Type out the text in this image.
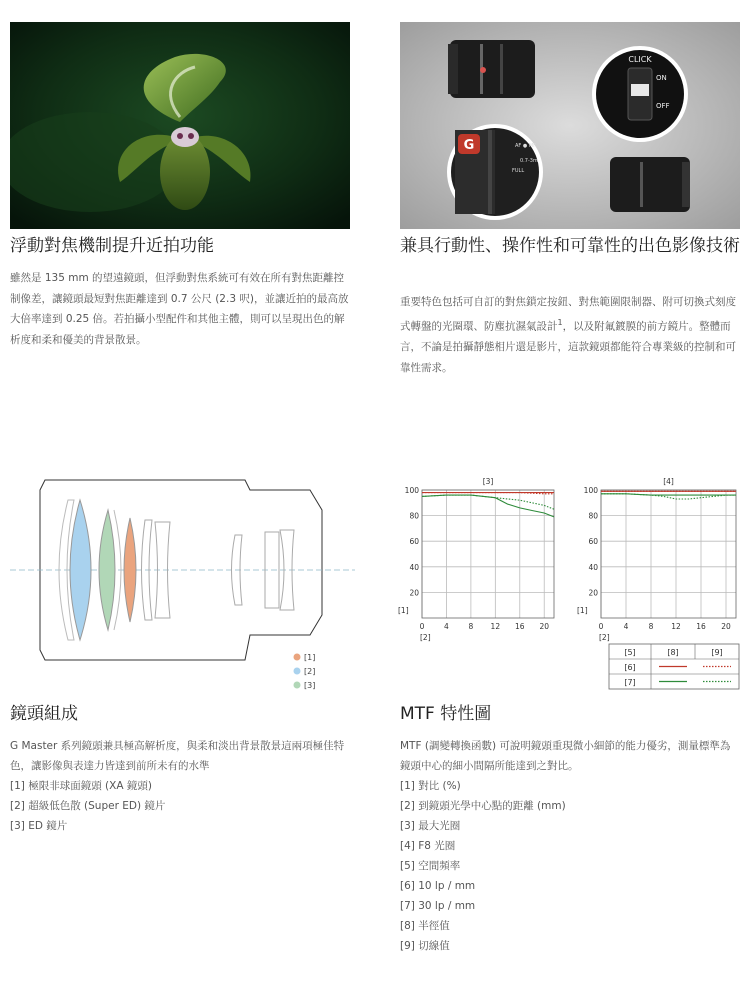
G	AF ● MF
0.7-3m
FULL
CLICK
ON
OFF
浮動對焦機制提升近拍功能

雖然是 135 mm 的望遠鏡頭，但浮動對焦系統可有效在所有對焦距離控制像差，讓鏡頭最短對焦距離達到 0.7 公尺 (2.3 呎)，並讓近拍的最高放大倍率達到 0.25 倍。若拍攝小型配件和其他主體，則可以呈現出色的解析度和柔和優美的背景散景。

兼具行動性、操作性和可靠性的出色影像技術

重要特色包括可自訂的對焦鎖定按鈕、對焦範圍限制器、附可切換式刻度式轉盤的光圈環、防塵抗濕氣設計$^1$，以及附氟鍍膜的前方鏡片。整體而言，不論是拍攝靜態相片還是影片，這款鏡頭都能符合專業級的控制和可靠性需求。

[1]
[2]
[3]
0	4	8 12 16 20
20
40
60
80
100
[3]
[1]
[2]
0	4	8 12 16 20
20
40
60
80
100
[4]
[1]
[2]
[5]	[8]	[9]
[6]
[7]
鏡頭組成

G Master 系列鏡頭兼具極高解析度，與柔和淡出背景散景這兩項極佳特色，讓影像與表達力皆達到前所未有的水準

[1] 極限非球面鏡頭 (XA 鏡頭)
[2] 超級低色散 (Super ED) 鏡片
[3] ED 鏡片
MTF 特性圖

MTF (調變轉換函數) 可說明鏡頭重現微小細節的能力優劣，測量標準為鏡頭中心的細小間隔所能達到之對比。

[1] 對比 (%)
[2] 到鏡頭光學中心點的距離 (mm)
[3] 最大光圈
[4] F8 光圈
[5] 空間頻率
[6] 10 lp / mm
[7] 30 lp / mm
[8] 半徑值
[9] 切線值
